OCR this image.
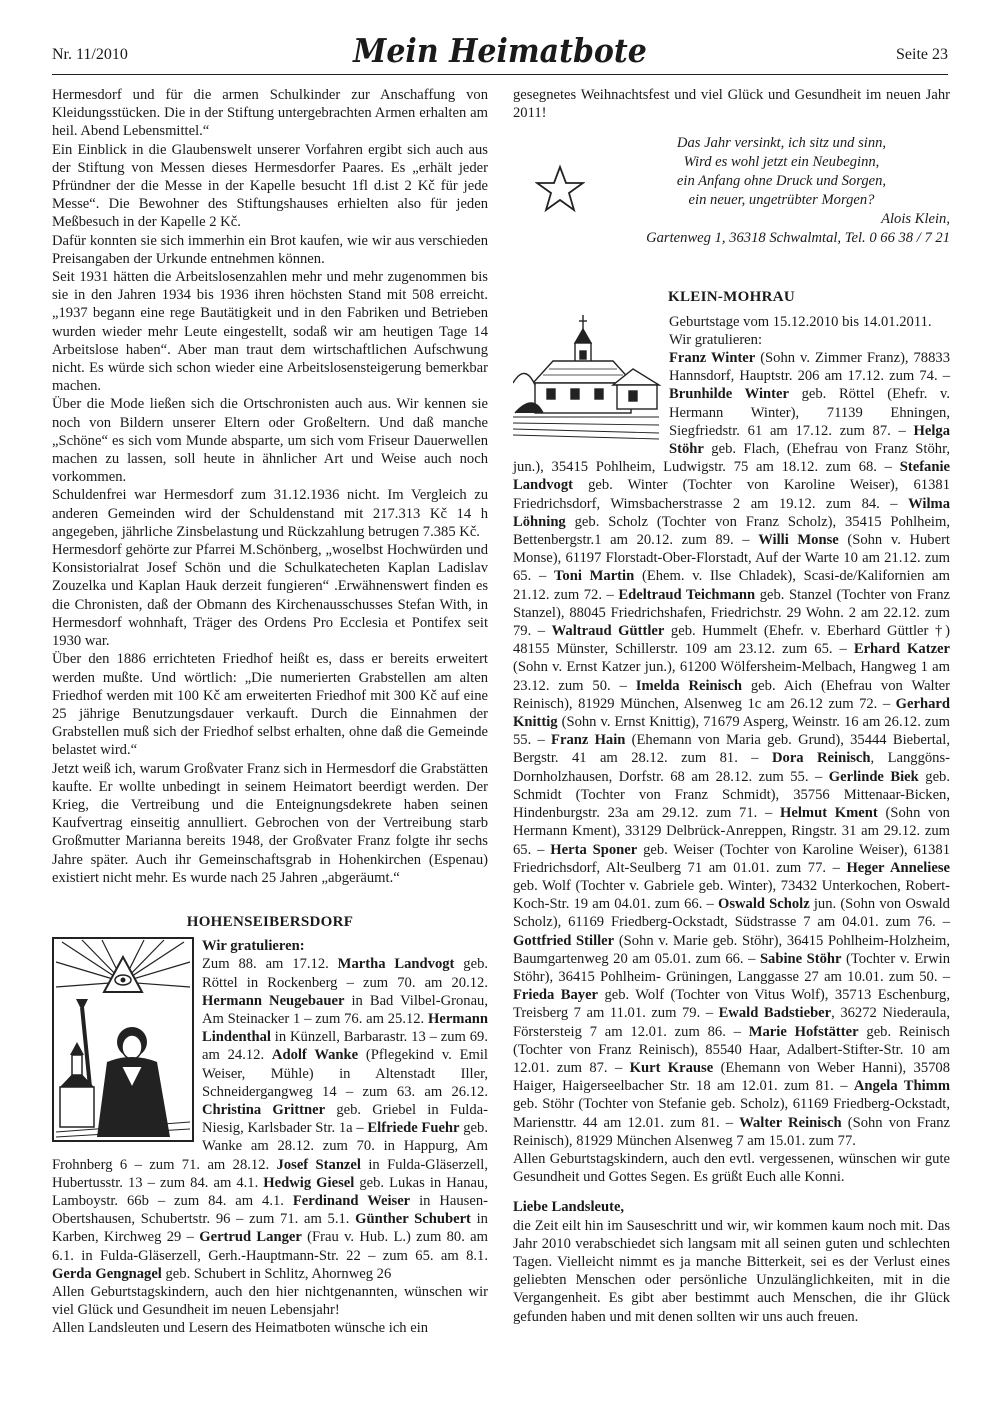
Nr. 11/2010	Mein Heimatbote	Seite 23

Hermesdorf und für die armen Schulkinder zur Anschaffung von Kleidungsstücken. Die in der Stiftung untergebrachten Armen erhalten am heil. Abend Lebensmittel.“

Ein Einblick in die Glaubenswelt unserer Vorfahren ergibt sich auch aus der Stiftung von Messen dieses Hermesdorfer Paares. Es „erhält jeder Pfründner der die Messe in der Kapelle besucht 1fl d.ist 2 Kč für jede Messe“. Die Bewohner des Stiftungshauses erhielten also für jeden Meßbesuch in der Kapelle 2 Kč.

Dafür konnten sie sich immerhin ein Brot kaufen, wie wir aus verschieden Preisangaben der Urkunde entnehmen können.

Seit 1931 hätten die Arbeitslosenzahlen mehr und mehr zugenommen bis sie in den Jahren 1934 bis 1936 ihren höchsten Stand mit 508 erreicht. „1937 begann eine rege Bautätigkeit und in den Fabriken und Betrieben wurden wieder mehr Leute eingestellt, sodaß wir am heutigen Tage 14 Arbeitslose haben“. Aber man traut dem wirtschaftlichen Aufschwung nicht. Es würde sich schon wieder eine Arbeitslosensteigerung bemerkbar machen.

Über die Mode ließen sich die Ortschronisten auch aus. Wir kennen sie noch von Bildern unserer Eltern oder Großeltern. Und daß manche „Schöne“ es sich vom Munde absparte, um sich vom Friseur Dauerwellen machen zu lassen, soll heute in ähnlicher Art und Weise auch noch vorkommen.

Schuldenfrei war Hermesdorf zum 31.12.1936 nicht. Im Vergleich zu anderen Gemeinden wird der Schuldenstand mit 217.313 Kč 14 h angegeben, jährliche Zinsbelastung und Rückzahlung betrugen 7.385 Kč.

Hermesdorf gehörte zur Pfarrei M.Schönberg, „woselbst Hochwürden und Konsistorialrat Josef Schön und die Schulkatecheten Kaplan Ladislav Zouzelka und Kaplan Hauk derzeit fungieren“ .Erwähnenswert finden es die Chronisten, daß der Obmann des Kirchenausschusses Stefan With, in Hermesdorf wohnhaft, Träger des Ordens Pro Ecclesia et Pontifex seit 1930 war.

Über den 1886 errichteten Friedhof heißt es, dass er bereits erweitert werden mußte. Und wörtlich: „Die numerierten Grabstellen am alten Friedhof werden mit 100 Kč am erweiterten Friedhof mit 300 Kč auf eine 25 jährige Benutzungsdauer verkauft. Durch die Einnahmen der Grabstellen muß sich der Friedhof selbst erhalten, ohne daß die Gemeinde belastet wird.“

Jetzt weiß ich, warum Großvater Franz sich in Hermesdorf die Grabstätten kaufte. Er wollte unbedingt in seinem Heimatort beerdigt werden. Der Krieg, die Vertreibung und die Enteignungsdekrete haben seinen Kaufvertrag einseitig annulliert. Gebrochen von der Vertreibung starb Großmutter Marianna bereits 1948, der Großvater Franz folgte ihr sechs Jahre später. Auch ihr Gemeinschaftsgrab in Hohenkirchen (Espenau) existiert nicht mehr. Es wurde nach 25 Jahren „abgeräumt.“

HOHENSEIBERSDORF

Wir gratulieren:
Zum 88. am 17.12. Martha Landvogt geb. Röttel in Rockenberg – zum 70. am 20.12. Hermann Neugebauer in Bad Vilbel-Gronau, Am Steinacker 1 – zum 76. am 25.12. Hermann Lindenthal in Künzell, Barbarastr. 13 – zum 69. am 24.12. Adolf Wanke (Pflegekind v. Emil Weiser, Mühle) in Altenstadt Iller, Schneidergangweg 14 – zum 63. am 26.12. Christina Grittner geb. Griebel in Fulda-Niesig, Karlsbader Str. 1a – Elfriede Fuehr geb. Wanke am 28.12. zum 70. in Happurg, Am Frohnberg 6 – zum 71. am 28.12. Josef Stanzel in Fulda-Gläserzell, Hubertusstr. 13 – zum 84. am 4.1. Hedwig Giesel geb. Lukas in Hanau, Lamboystr. 66b – zum 84. am 4.1. Ferdinand Weiser in Hausen-Obertshausen, Schubertstr. 96 – zum 71. am 5.1. Günther Schubert in Karben, Kirchweg 29 – Gertrud Langer (Frau v. Hub. L.) zum 80. am 6.1. in Fulda-Gläserzell, Gerh.-Hauptmann-Str. 22 – zum 65. am 8.1. Gerda Gengnagel geb. Schubert in Schlitz, Ahornweg 26

Allen Geburtstagskindern, auch den hier nichtgenannten, wünschen wir viel Glück und Gesundheit im neuen Lebensjahr!

Allen Landsleuten und Lesern des Heimatboten wünsche ich ein

gesegnetes Weihnachtsfest und viel Glück und Gesundheit im neuen Jahr 2011!

Das Jahr versinkt, ich sitz und sinn,
Wird es wohl jetzt ein Neubeginn,
ein Anfang ohne Druck und Sorgen,
ein neuer, ungetrübter Morgen?
Alois Klein,
Gartenweg 1, 36318 Schwalmtal, Tel. 0 66 38 / 7 21
KLEIN-MOHRAU

Geburtstage vom 15.12.2010 bis 14.01.2011.
Wir gratulieren:
Franz Winter (Sohn v. Zimmer Franz), 78833 Hannsdorf, Hauptstr. 206 am 17.12. zum 74. – Brunhilde Winter geb. Röttel (Ehefr. v. Hermann Winter), 71139 Ehningen, Siegfriedstr. 61 am 17.12. zum 87. – Helga Stöhr geb. Flach, (Ehefrau von Franz Stöhr, jun.), 35415 Pohlheim, Ludwigstr. 75 am 18.12. zum 68. – Stefanie Landvogt geb. Winter (Tochter von Karoline Weiser), 61381 Friedrichsdorf, Wimsbacherstrasse 2 am 19.12. zum 84. – Wilma Löhning geb. Scholz (Tochter von Franz Scholz), 35415 Pohlheim, Bettenbergstr.1 am 20.12. zum 89. – Willi Monse (Sohn v. Hubert Monse), 61197 Florstadt-Ober-Florstadt, Auf der Warte 10 am 21.12. zum 65. – Toni Martin (Ehem. v. Ilse Chladek), Scasi-de/Kalifornien am 21.12. zum 72. – Edeltraud Teichmann geb. Stanzel (Tochter von Franz Stanzel), 88045 Friedrichshafen, Friedrichstr. 29 Wohn. 2 am 22.12. zum 79. – Waltraud Güttler geb. Hummelt (Ehefr. v. Eberhard Güttler †) 48155 Münster, Schillerstr. 109 am 23.12. zum 65. – Erhard Katzer (Sohn v. Ernst Katzer jun.), 61200 Wölfersheim-Melbach, Hangweg 1 am 23.12. zum 50. – Imelda Reinisch geb. Aich (Ehefrau von Walter Reinisch), 81929 München, Alsenweg 1c am 26.12 zum 72. – Gerhard Knittig (Sohn v. Ernst Knittig), 71679 Asperg, Weinstr. 16 am 26.12. zum 55. – Franz Hain (Ehemann von Maria geb. Grund), 35444 Biebertal, Bergstr. 41 am 28.12. zum 81. – Dora Reinisch, Langgöns-Dornholzhausen, Dorfstr. 68 am 28.12. zum 55. – Gerlinde Biek geb. Schmidt (Tochter von Franz Schmidt), 35756 Mittenaar-Bicken, Hindenburgstr. 23a am 29.12. zum 71. – Helmut Kment (Sohn von Hermann Kment), 33129 Delbrück-Anreppen, Ringstr. 31 am 29.12. zum 65. – Herta Sponer geb. Weiser (Tochter von Karoline Weiser), 61381 Friedrichsdorf, Alt-Seulberg 71 am 01.01. zum 77. – Heger Anneliese geb. Wolf (Tochter v. Gabriele geb. Winter), 73432 Unterkochen, Robert-Koch-Str. 19 am 04.01. zum 66. – Oswald Scholz jun. (Sohn von Oswald Scholz), 61169 Friedberg-Ockstadt, Südstrasse 7 am 04.01. zum 76. – Gottfried Stiller (Sohn v. Marie geb. Stöhr), 36415 Pohlheim-Holzheim, Baumgartenweg 20 am 05.01. zum 66. – Sabine Stöhr (Tochter v. Erwin Stöhr), 36415 Pohlheim- Grüningen, Langgasse 27 am 10.01. zum 50. – Frieda Bayer geb. Wolf (Tochter von Vitus Wolf), 35713 Eschenburg, Treisberg 7 am 11.01. zum 79. – Ewald Badstieber, 36272 Niederaula, Förstersteig 7 am 12.01. zum 86. – Marie Hofstätter geb. Reinisch (Tochter von Franz Reinisch), 85540 Haar, Adalbert-Stifter-Str. 10 am 12.01. zum 87. – Kurt Krause (Ehemann von Weber Hanni), 35708 Haiger, Haigerseelbacher Str. 18 am 12.01. zum 81. – Angela Thimm geb. Stöhr (Tochter von Stefanie geb. Scholz), 61169 Friedberg-Ockstadt, Mariensttr. 44 am 12.01. zum 81. – Walter Reinisch (Sohn von Franz Reinisch), 81929 München Alsenweg 7 am 15.01. zum 77.

Allen Geburtstagskindern, auch den evtl. vergessenen, wünschen wir gute Gesundheit und Gottes Segen. Es grüßt Euch alle Konni.

Liebe Landsleute,

die Zeit eilt hin im Sauseschritt und wir, wir kommen kaum noch mit. Das Jahr 2010 verabschiedet sich langsam mit all seinen guten und schlechten Tagen. Vielleicht nimmt es ja manche Bitterkeit, sei es der Verlust eines geliebten Menschen oder persönliche Unzulänglichkeiten, mit in die Vergangenheit. Es gibt aber bestimmt auch Menschen, die ihr Glück gefunden haben und mit denen sollten wir uns auch freuen.
